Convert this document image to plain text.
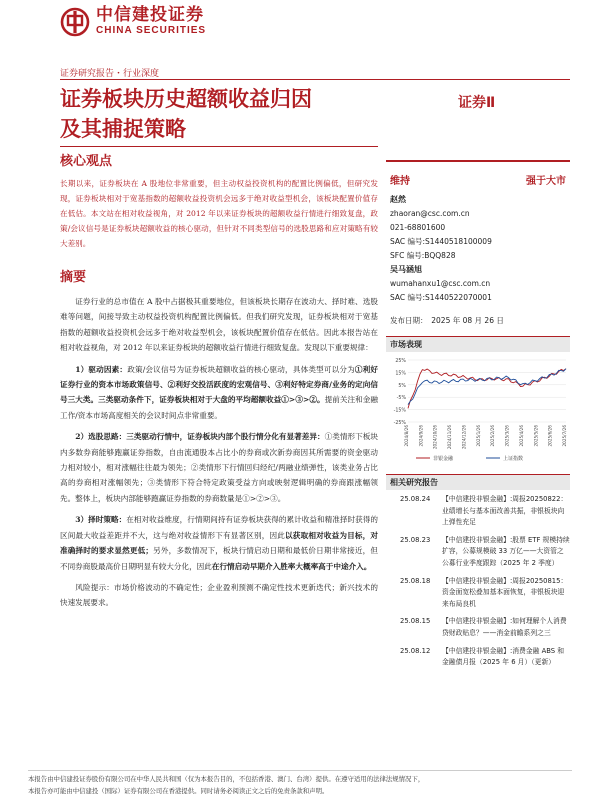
中信建投证券
CHINA SECURITIES
证券研究报告・行业深度
证券板块历史超额收益归因
及其捕捉策略
证券Ⅱ
核心观点
长期以来，证券板块在 A 股地位非常重要，但主动权益投资机构的配置比例偏低，但研究发现，证券板块相对于宽基指数的超额收益投资机会远多于绝对收益型机会，该板块配置价值存在低估。本文站在相对收益视角，对 2012 年以来证券板块的超额收益行情进行细致复盘，政策/会议信号是证券板块超额收益的核心驱动，但针对不同类型信号的选股思路和应对策略有较大差别。
摘要

证券行业的总市值在 A 股中占据极其重要地位，但该板块长期存在波动大、择时难、选股难等问题，间接导致主动权益投资机构配置比例偏低。但我们研究发现，证券板块相对于宽基指数的超额收益投资机会远多于绝对收益型机会，该板块配置价值存在低估。因此本报告站在相对收益视角，对 2012 年以来证券板块的超额收益行情进行细致复盘。发现以下重要规律：

1）驱动因素：政策/会议信号为证券板块超额收益的核心驱动，具体类型可以分为①利好证券行业的资本市场政策信号、②利好交投活跃度的宏观信号、③利好特定券商/业务的定向信号三大类。三类驱动条件下，证券板块相对于大盘的平均超额收益①>③>②。提前关注和金融工作/资本市场高度相关的会议时间点非常重要。

2）选股思路：三类驱动行情中，证券板块内部个股行情分化有显著差异：①类情形下板块内多数券商能够跑赢证券指数，自由流通股本占比小的券商或次新券商因其所需要的资金驱动力相对较小，相对涨幅往往最为领先；②类情形下行情回归经纪/两融业绩弹性，该类业务占比高的券商相对涨幅领先；③类情形下符合特定政策受益方向或映射逻辑明确的券商跟涨幅领先。整体上，板块内部能够跑赢证券指数的券商数量是①>②>③。

3）择时策略：在相对收益维度，行情期间持有证券板块获得的累计收益和精准择时获得的区间最大收益差距并不大，这与绝对收益情形下有显著区别，因此以获取相对收益为目标，对准确择时的要求显然更低；另外，多数情况下，板块行情启动日期和最低价日期非常接近，但不同券商股最高价日期明显有较大分化，因此在行情启动早期介入胜率大概率高于中途介入。

风险提示：市场价格波动的不确定性；企业盈利预测不确定性技术更新迭代；新兴技术的快速发展要求。

维持	强于大市
赵然
zhaoran@csc.com.cn
021-68801600
SAC 编号:S1440518100009
SFC 编号:BQQ828
吴马涵旭
wumahanxu1@csc.com.cn
SAC 编号:S1440522070001
发布日期：　2025 年 08 月 26 日
市场表现
25%
15%
5%
-5%
-15%
-25%
2024/8/26 2024/9/26 2024/10/26 2024/11/26 2024/12/26 2025/1/26 2025/2/26 2025/3/26 2025/4/26 2025/5/26 2025/6/26 2025/7/26
非银金融	上证指数
相关研究报告
25.08.24	【中信建投非银金融】:周报20250822：业绩增长与基本面改善共振，非银板块向上弹性充足
25.08.23	【中信建投非银金融】:股票 ETF 规模持续扩容，公募规模破 33 万亿——大资管之公募行业季度跟踪（2025 年 2 季度）
25.08.18	【中信建投非银金融】:周报20250815：资金面宽松叠加基本面恢复，非银板块迎来布局良机
25.08.15	【中信建投非银金融】:如何理解个人消费贷财政贴息？——消金前瞻系列之三
25.08.12	【中信建投非银金融】:消费金融 ABS 和金融债月报（2025 年 6 月）（更新）
本报告由中信建投证券股份有限公司在中华人民共和国（仅为本报告目的，不包括香港、澳门、台湾）提供。在遵守适用的法律法规情况下，
本报告亦可能由中信建投（国际）证券有限公司在香港提供。同时请务必阅读正文之后的免责条款和声明。
